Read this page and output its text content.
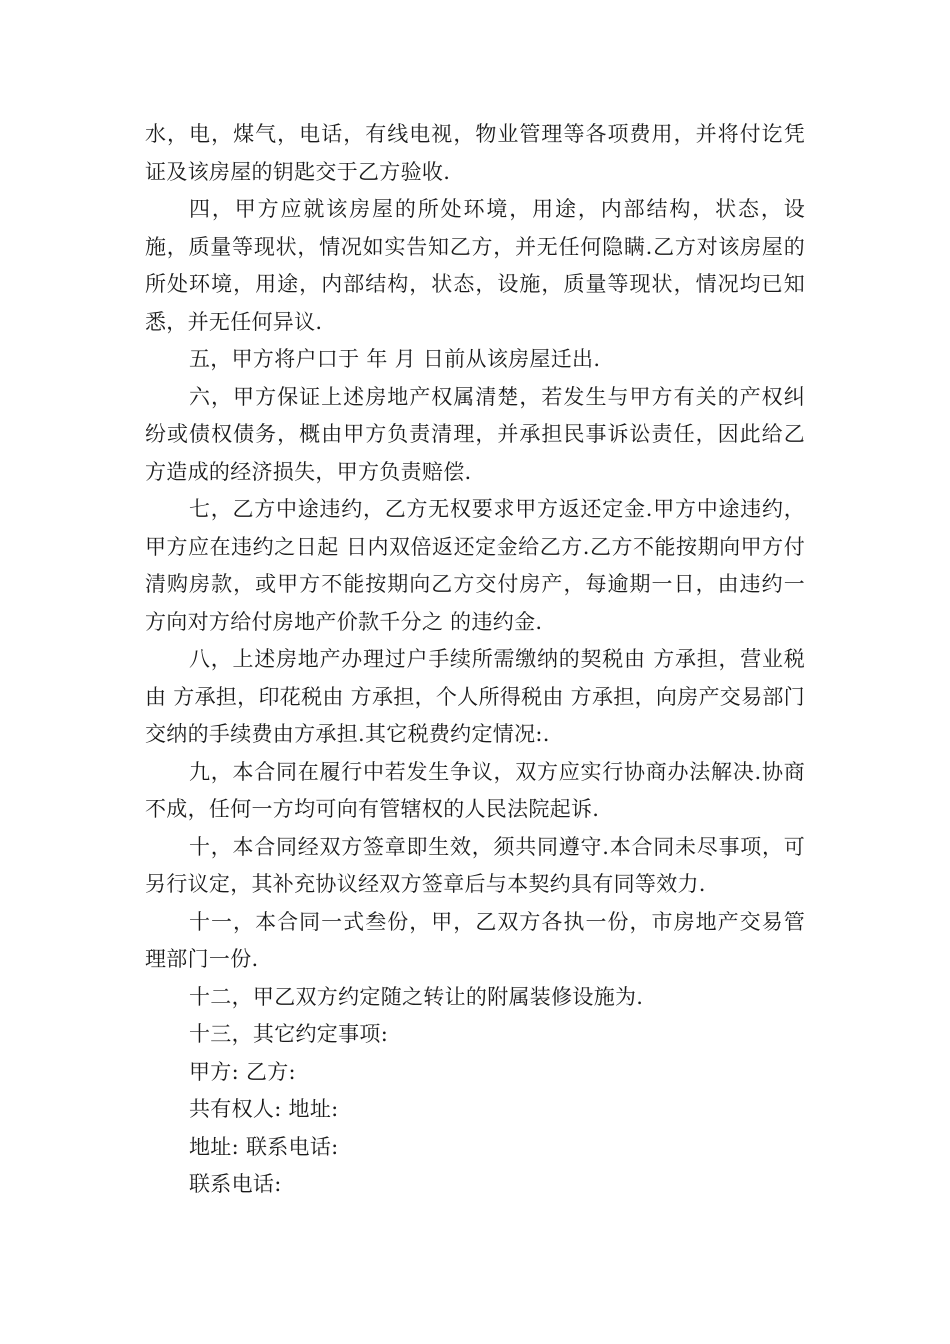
水，电，煤气，电话，有线电视，物业管理等各项费用，并将付讫凭证及该房屋的钥匙交于乙方验收.

四，甲方应就该房屋的所处环境，用途，内部结构，状态，设施，质量等现状，情况如实告知乙方，并无任何隐瞒.乙方对该房屋的所处环境，用途，内部结构，状态，设施，质量等现状，情况均已知悉，并无任何异议.

五，甲方将户口于 年 月 日前从该房屋迁出.

六，甲方保证上述房地产权属清楚，若发生与甲方有关的产权纠纷或债权债务，概由甲方负责清理，并承担民事诉讼责任，因此给乙方造成的经济损失，甲方负责赔偿.

七，乙方中途违约，乙方无权要求甲方返还定金.甲方中途违约，甲方应在违约之日起 日内双倍返还定金给乙方.乙方不能按期向甲方付清购房款，或甲方不能按期向乙方交付房产，每逾期一日，由违约一方向对方给付房地产价款千分之 的违约金.

八，上述房地产办理过户手续所需缴纳的契税由 方承担，营业税由 方承担，印花税由 方承担，个人所得税由 方承担，向房产交易部门交纳的手续费由方承担.其它税费约定情况:.

九，本合同在履行中若发生争议，双方应实行协商办法解决.协商不成，任何一方均可向有管辖权的人民法院起诉.

十，本合同经双方签章即生效，须共同遵守.本合同未尽事项，可另行议定，其补充协议经双方签章后与本契约具有同等效力.

十一，本合同一式叁份，甲，乙双方各执一份，市房地产交易管理部门一份.

十二，甲乙双方约定随之转让的附属装修设施为.

十三，其它约定事项:

甲方: 乙方:

共有权人: 地址:

地址: 联系电话:

联系电话:
